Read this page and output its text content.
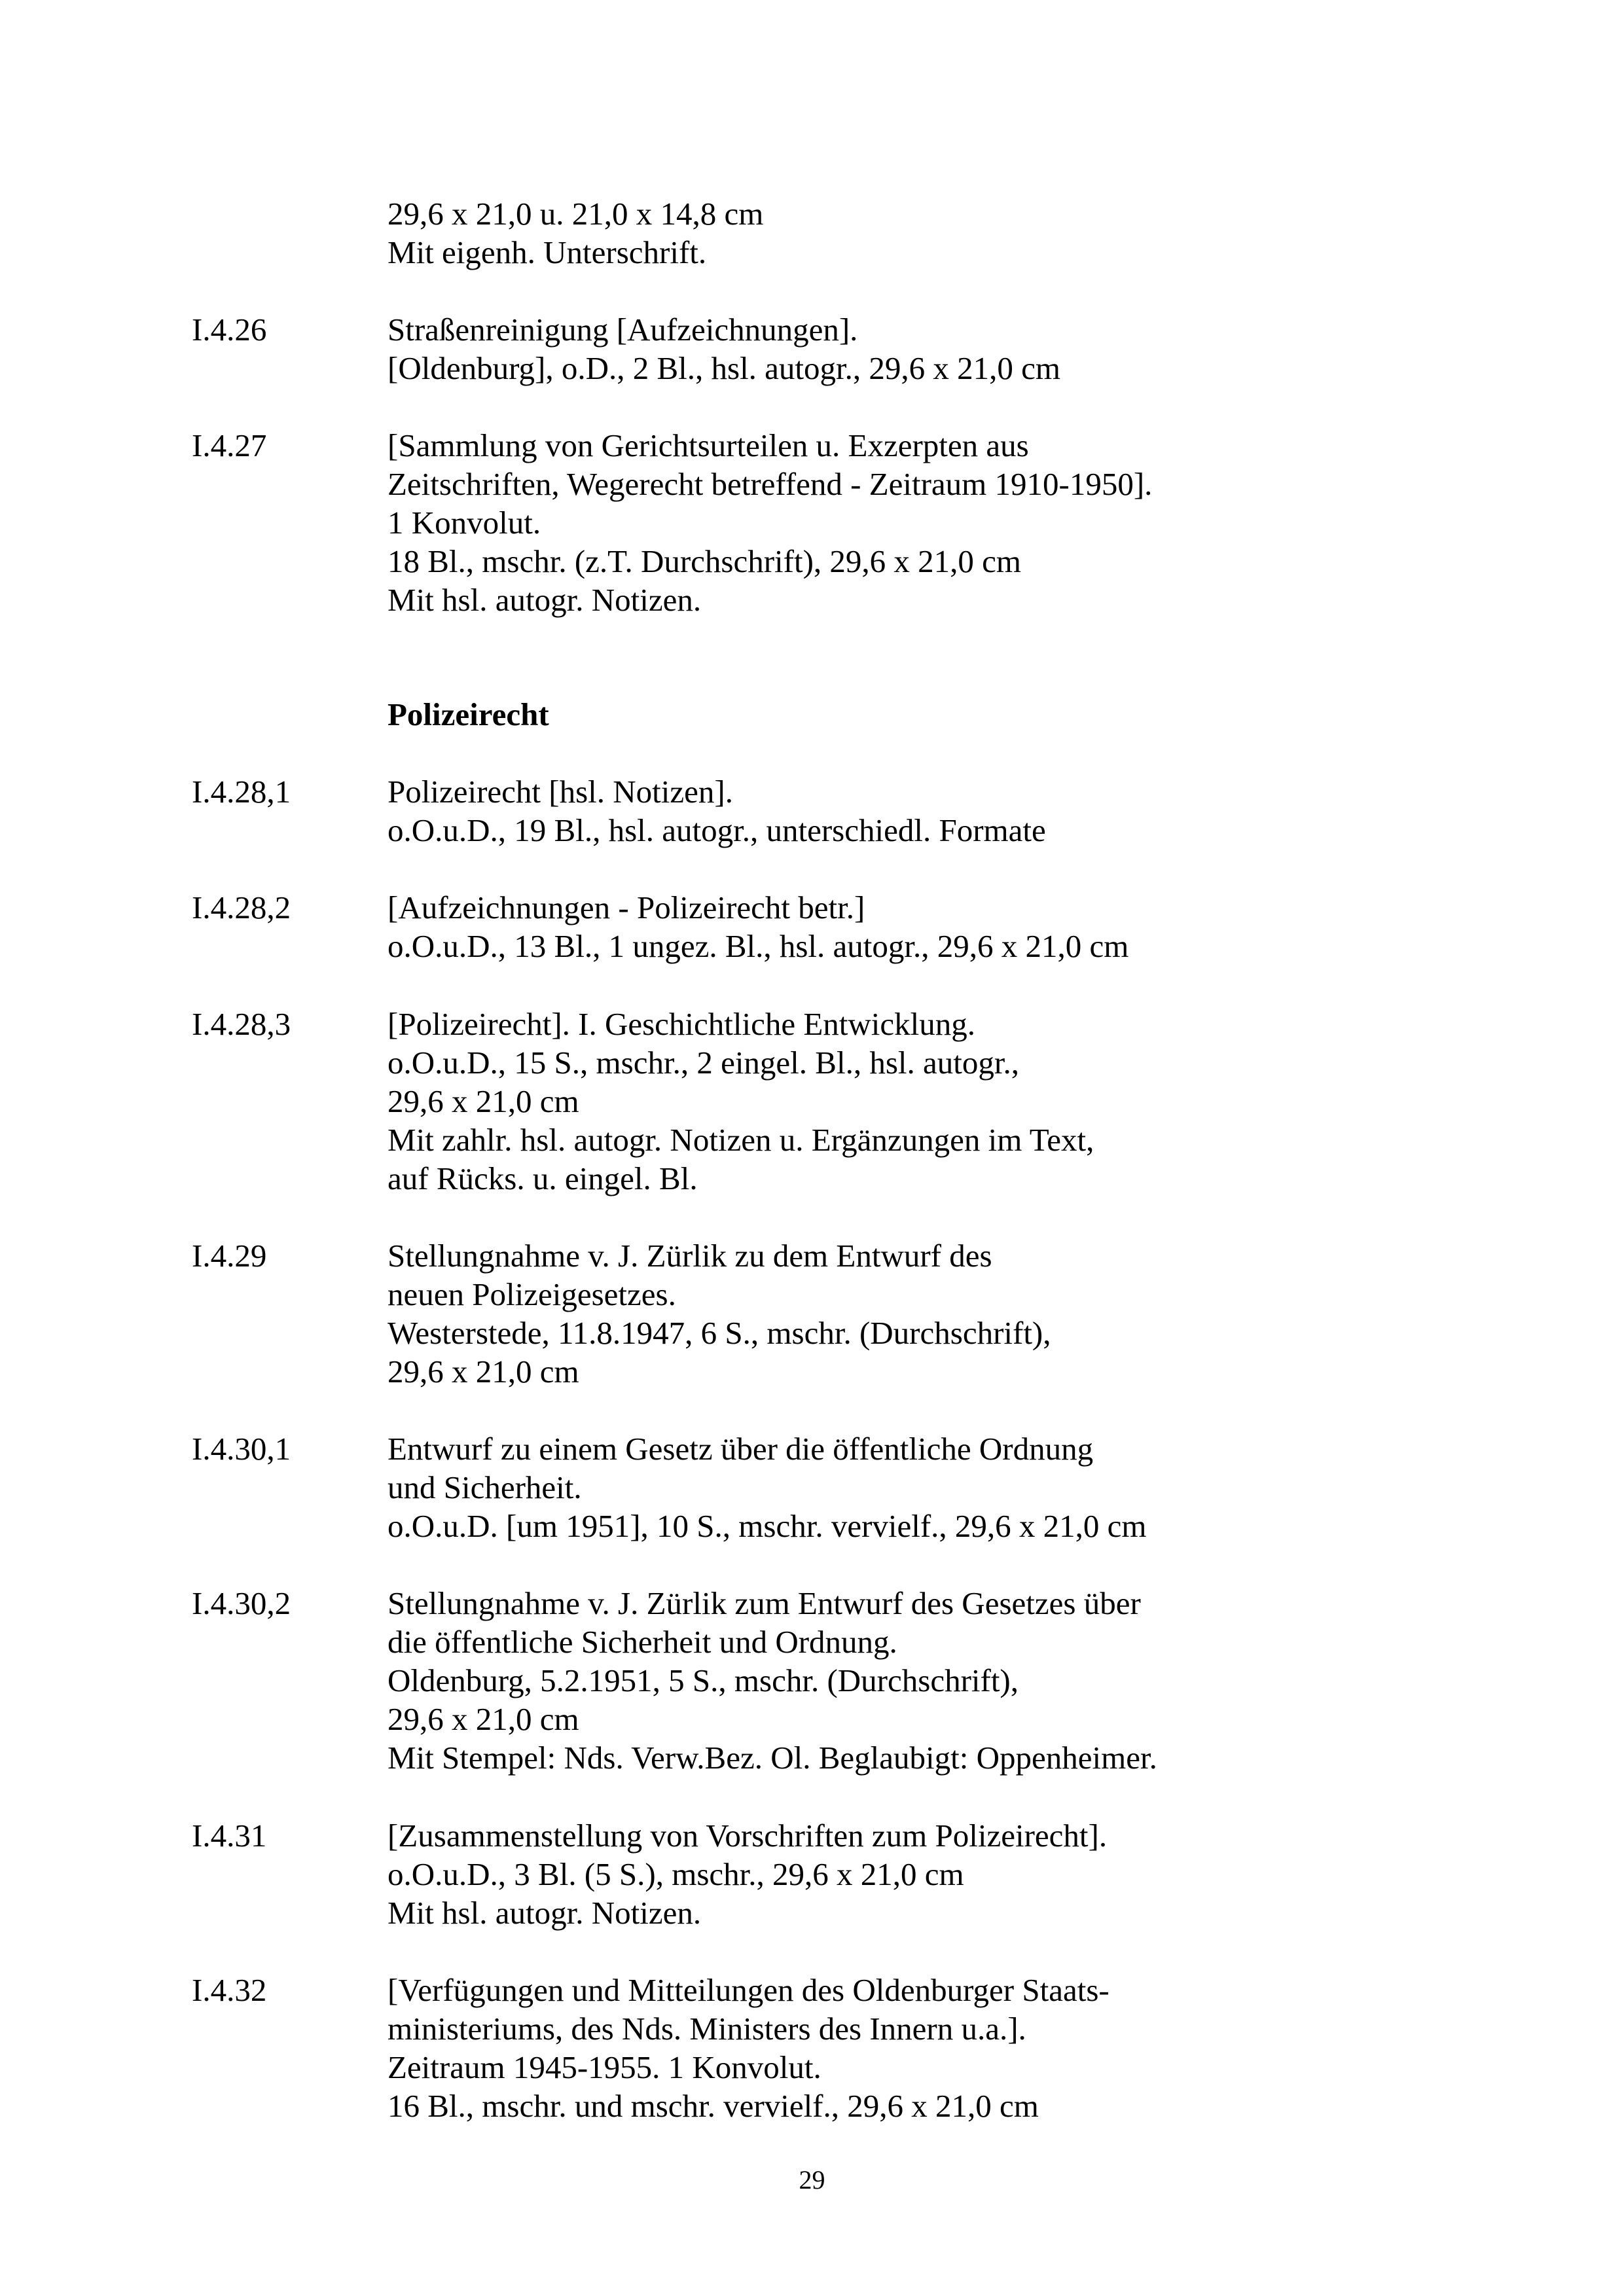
29,6 x 21,0 u. 21,0 x 14,8 cm
Mit eigenh. Unterschrift.
I.4.26	Straßenreinigung [Aufzeichnungen].
[Oldenburg], o.D., 2 Bl., hsl. autogr., 29,6 x 21,0 cm
I.4.27	[Sammlung von Gerichtsurteilen u. Exzerpten aus
Zeitschriften, Wegerecht betreffend - Zeitraum 1910-1950].
1 Konvolut.
18 Bl., mschr. (z.T. Durchschrift), 29,6 x 21,0 cm
Mit hsl. autogr. Notizen.
Polizeirecht
I.4.28,1	Polizeirecht [hsl. Notizen].
o.O.u.D., 19 Bl., hsl. autogr., unterschiedl. Formate
I.4.28,2	[Aufzeichnungen - Polizeirecht betr.]
o.O.u.D., 13 Bl., 1 ungez. Bl., hsl. autogr., 29,6 x 21,0 cm
I.4.28,3	[Polizeirecht]. I. Geschichtliche Entwicklung.
o.O.u.D., 15 S., mschr., 2 eingel. Bl., hsl. autogr.,
29,6 x 21,0 cm
Mit zahlr. hsl. autogr. Notizen u. Ergänzungen im Text,
auf Rücks. u. eingel. Bl.
I.4.29	Stellungnahme v. J. Zürlik zu dem Entwurf des
neuen Polizeigesetzes.
Westerstede, 11.8.1947, 6 S., mschr. (Durchschrift),
29,6 x 21,0 cm
I.4.30,1	Entwurf zu einem Gesetz über die öffentliche Ordnung
und Sicherheit.
o.O.u.D. [um 1951], 10 S., mschr. vervielf., 29,6 x 21,0 cm
I.4.30,2	Stellungnahme v. J. Zürlik zum Entwurf des Gesetzes über
die öffentliche Sicherheit und Ordnung.
Oldenburg, 5.2.1951, 5 S., mschr. (Durchschrift),
29,6 x 21,0 cm
Mit Stempel: Nds. Verw.Bez. Ol. Beglaubigt: Oppenheimer.
I.4.31	[Zusammenstellung von Vorschriften zum Polizeirecht].
o.O.u.D., 3 Bl. (5 S.), mschr., 29,6 x 21,0 cm
Mit hsl. autogr. Notizen.
I.4.32	[Verfügungen und Mitteilungen des Oldenburger Staats-
ministeriums, des Nds. Ministers des Innern u.a.].
Zeitraum 1945-1955. 1 Konvolut.
16 Bl., mschr. und mschr. vervielf., 29,6 x 21,0 cm
29
